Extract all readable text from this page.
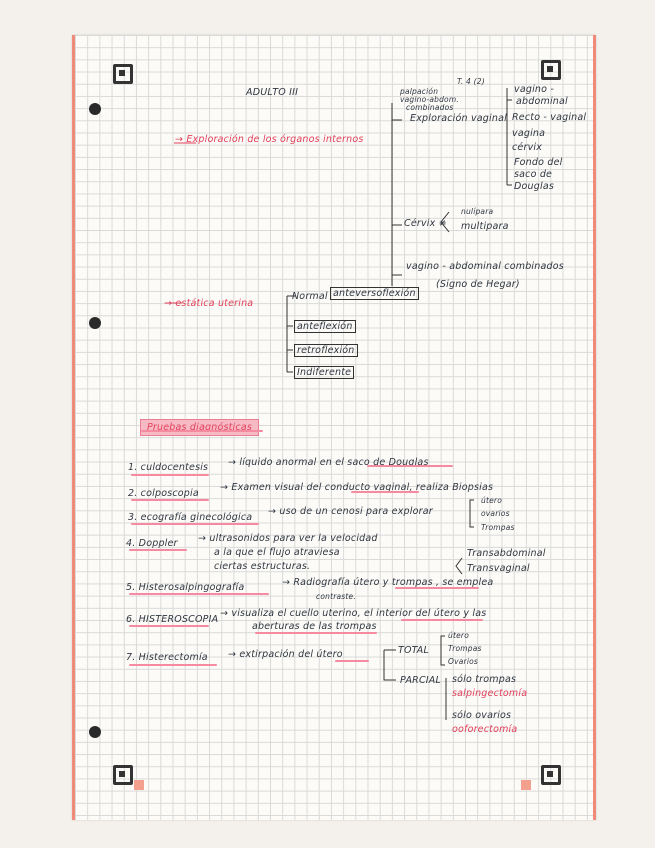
ADULTO III
T. 4 (2)
→ Exploración de los órganos internos
→ estática uterina
palpación
vagino-abdom.
combinados
Exploración vaginal
vagino -
abdominal
Recto - vaginal
vagina
cérvix
Fondo del
saco de
Douglas
Cérvix ≠
nulípara
multipara
vagino - abdominal combinados
(Signo de Hegar)
Normal anteversoflexión
anteflexión
retroflexión
Indiferente
Pruebas diagnósticas
1. culdocentesis → líquido anormal en el saco de Douglas
2. colposcopia
→ Examen visual del conducto vaginal, realiza Biopsias
3. ecografía ginecológica
→ uso de un cenosi para explorar
útero
ovarios
Trompas
4. Doppler → ultrasonidos para ver la velocidad
a la que el flujo atraviesa
ciertas estructuras.
Transabdominal
Transvaginal
5. Histerosalpingografía	→ Radiografía útero y trompas , se emplea
contraste.
6. HISTEROSCOPIA
→ visualiza el cuello uterino, el interior del útero y las
aberturas de las trompas
7. Histerectomía → extirpación del útero	TOTAL
útero
Trompas
Ovarios
PARCIAL sólo trompas
salpingectomía
sólo ovarios
ooforectomía
